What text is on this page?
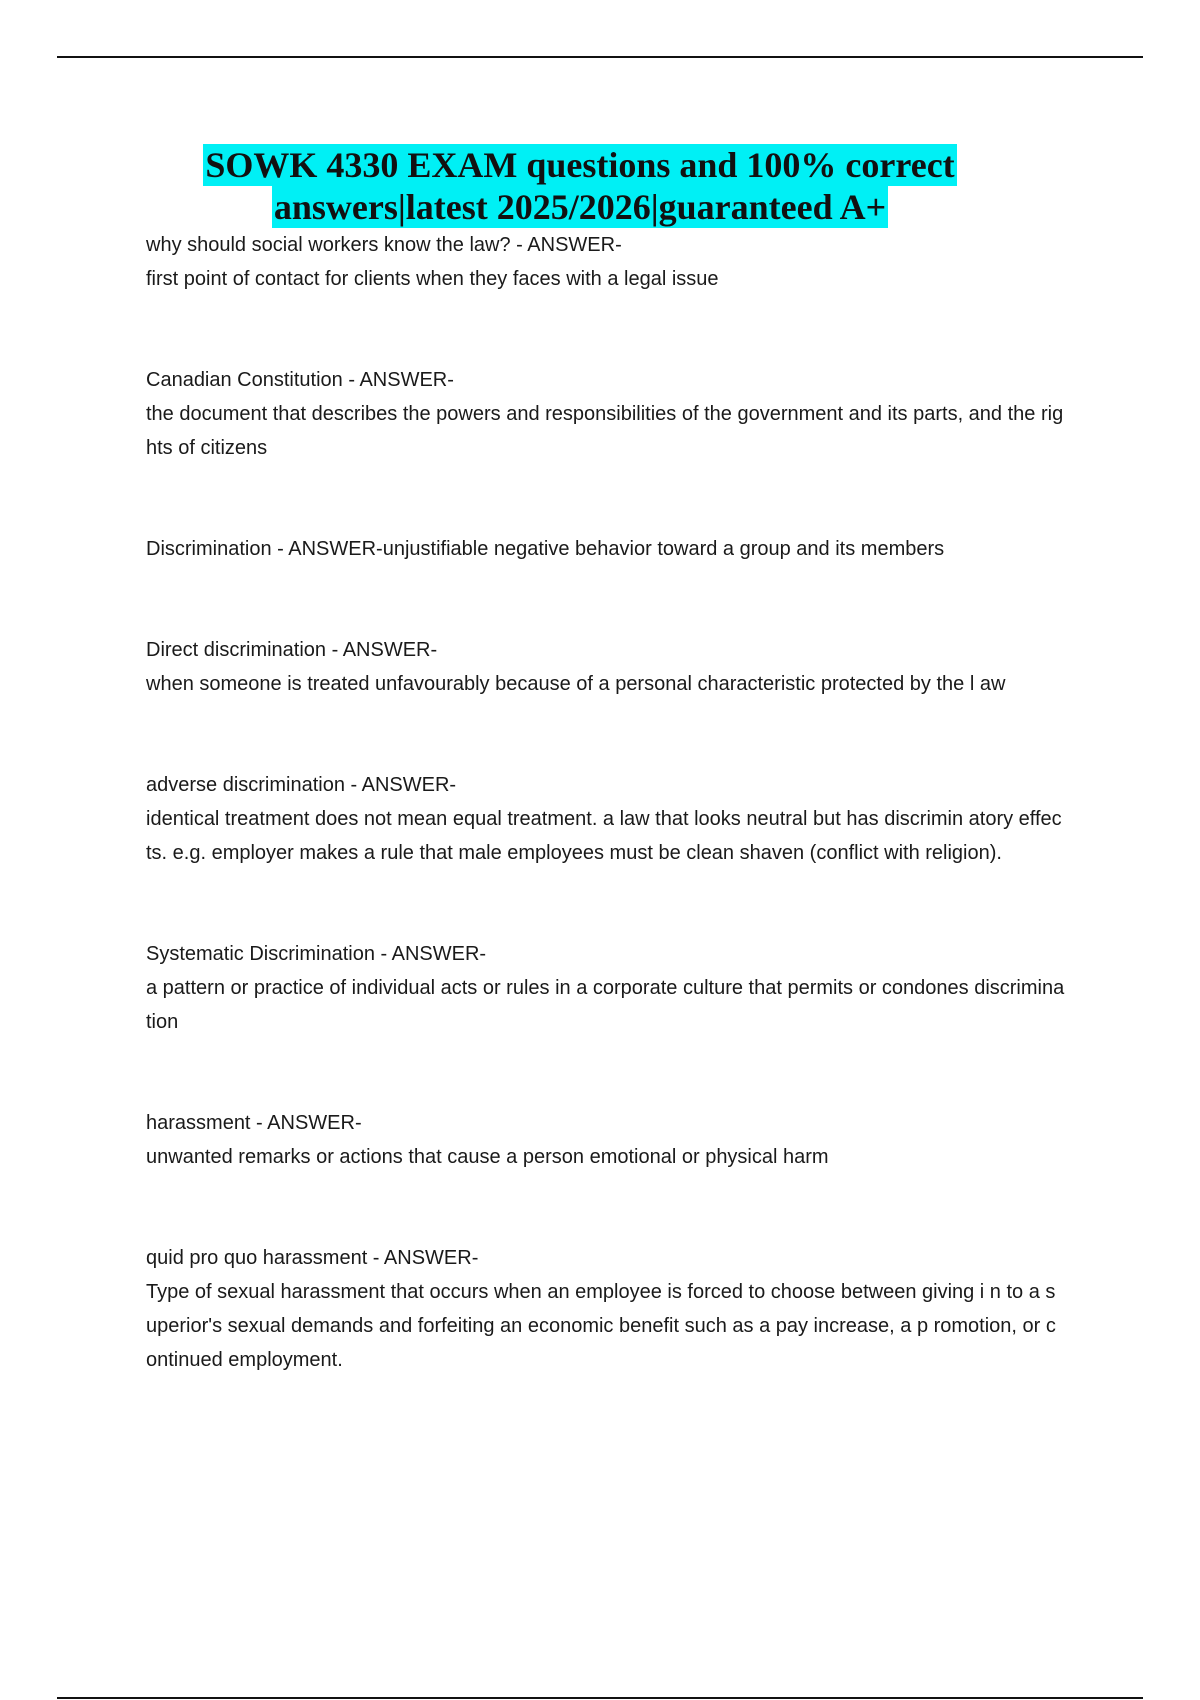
SOWK 4330 EXAM questions and 100% correct
answers|latest 2025/2026|guaranteed A+
why should social workers know the law? - ANSWER-
first point of contact for clients when they faces with a legal issue
Canadian Constitution - ANSWER-
the document that describes the powers and responsibilities of the government and its parts, and the rights of citizens
Discrimination - ANSWER-unjustifiable negative behavior toward a group and its members
Direct discrimination - ANSWER-
when someone is treated unfavourably because of a personal characteristic protected by the l aw
adverse discrimination - ANSWER-
identical treatment does not mean equal treatment. a law that looks neutral but has discrimin atory effects. e.g. employer makes a rule that male employees must be clean shaven (conflict with religion).
Systematic Discrimination - ANSWER-
a pattern or practice of individual acts or rules in a corporate culture that permits or condones discrimination
harassment - ANSWER-
unwanted remarks or actions that cause a person emotional or physical harm
quid pro quo harassment - ANSWER-
Type of sexual harassment that occurs when an employee is forced to choose between giving i n to a superior's sexual demands and forfeiting an economic benefit such as a pay increase, a p romotion, or continued employment.
